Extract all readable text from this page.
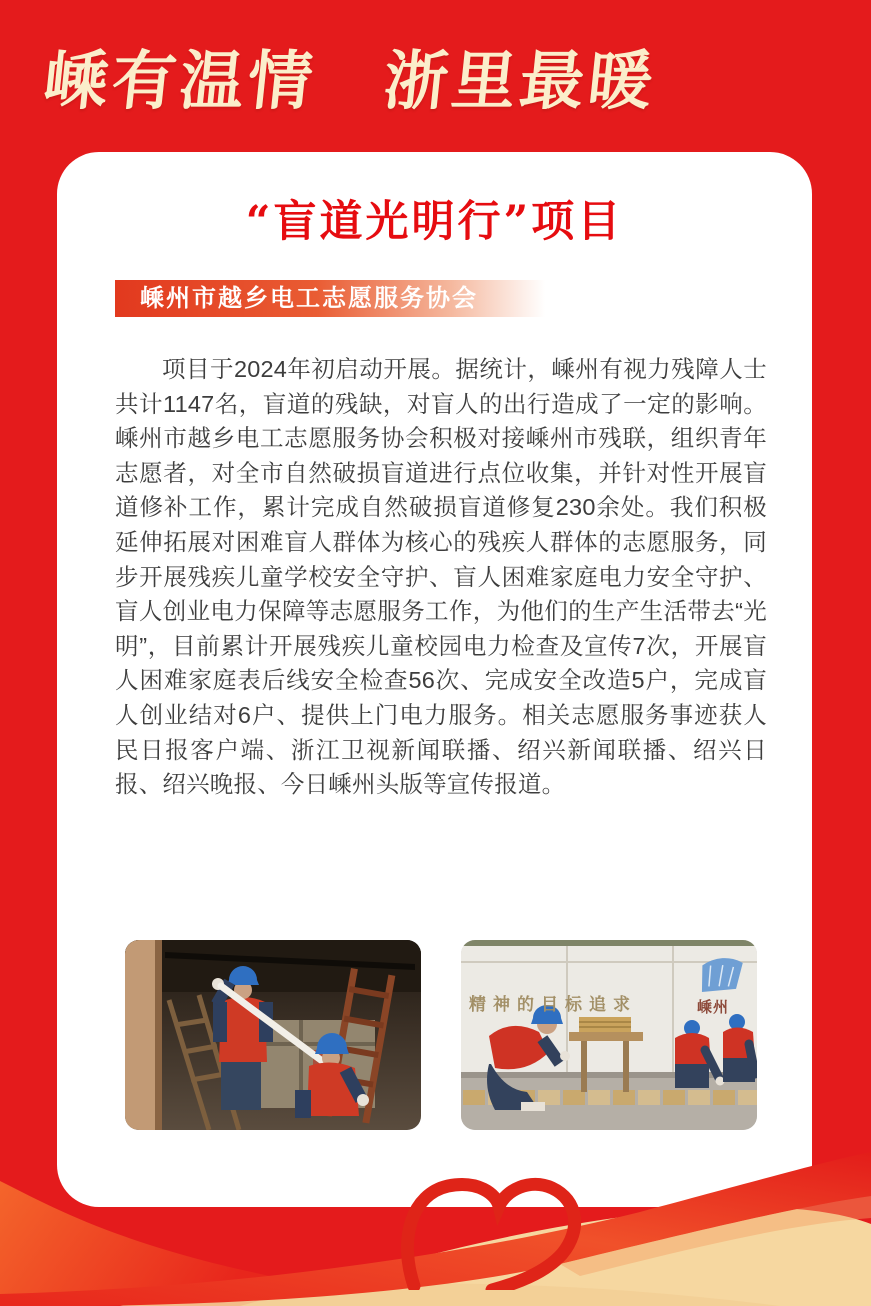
嵊有温情　浙里最暖
“盲道光明行”项目
嵊州市越乡电工志愿服务协会

项目于2024年初启动开展。据统计，嵊州有视力残障人士共计1147名，盲道的残缺，对盲人的出行造成了一定的影响。嵊州市越乡电工志愿服务协会积极对接嵊州市残联，组织青年志愿者，对全市自然破损盲道进行点位收集，并针对性开展盲道修补工作，累计完成自然破损盲道修复230余处。我们积极延伸拓展对困难盲人群体为核心的残疾人群体的志愿服务，同步开展残疾儿童学校安全守护、盲人困难家庭电力安全守护、盲人创业电力保障等志愿服务工作，为他们的生产生活带去“光明”，目前累计开展残疾儿童校园电力检查及宣传7次，开展盲人困难家庭表后线安全检查56次、完成安全改造5户，完成盲人创业结对6户、提供上门电力服务。相关志愿服务事迹获人民日报客户端、浙江卫视新闻联播、绍兴新闻联播、绍兴日报、绍兴晚报、今日嵊州头版等宣传报道。

精神的目标追求	嵊州
